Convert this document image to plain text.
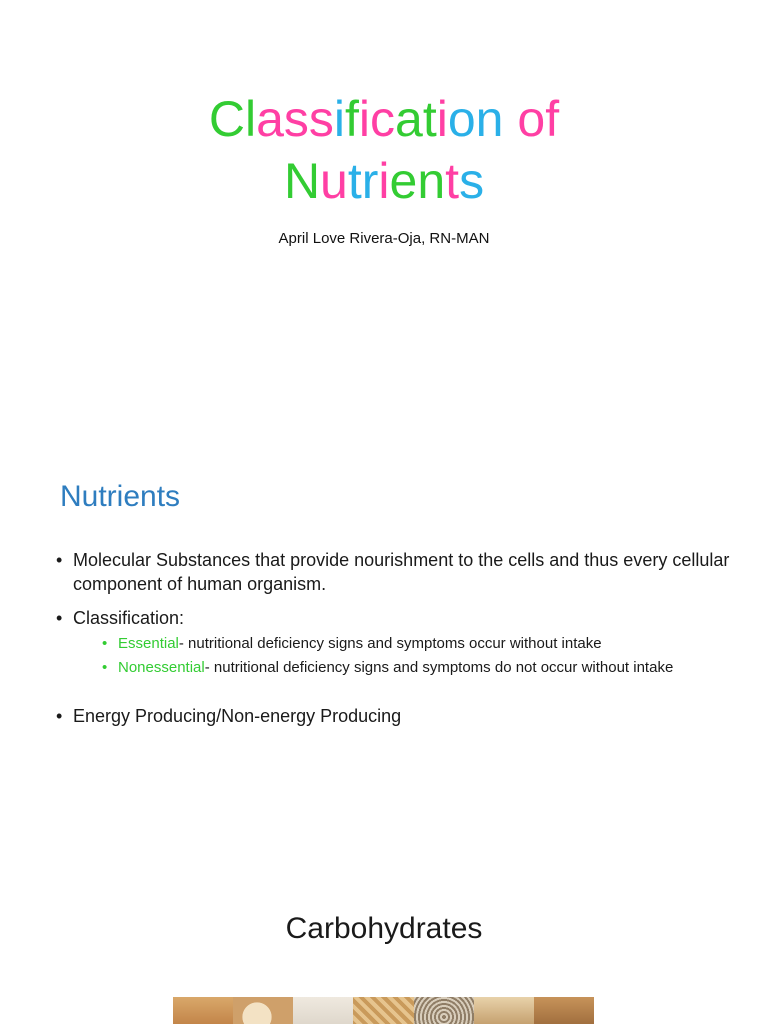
Classification of
Nutrients
April Love Rivera-Oja, RN-MAN
Nutrients
• Molecular Substances that provide nourishment to the cells and thus every cellular component of human organism.
• Classification:
• Essential- nutritional deficiency signs and symptoms occur without intake
• Nonessential- nutritional deficiency signs and symptoms do not occur without intake
• Energy Producing/Non-energy Producing
Carbohydrates
